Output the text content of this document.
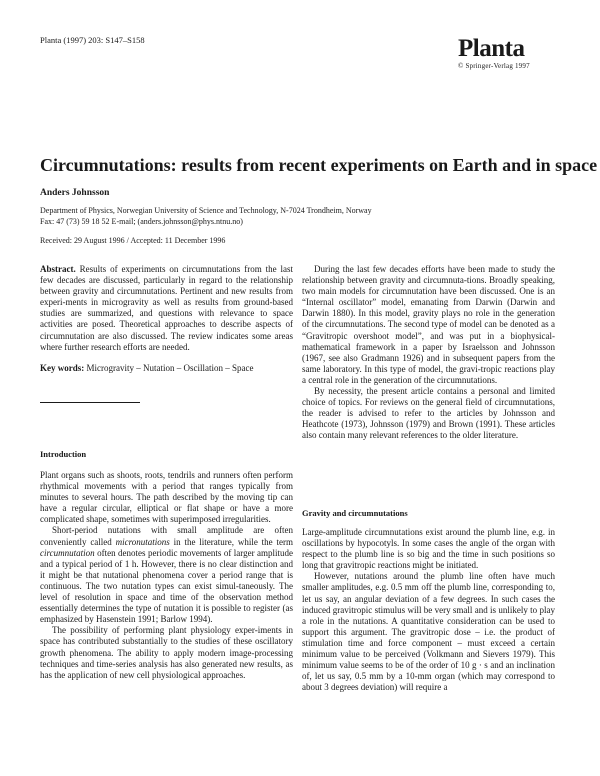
Planta (1997) 203: S147–S158	Planta
© Springer-Verlag 1997
Circumnutations: results from recent experiments on Earth and in space
Anders Johnsson
Department of Physics, Norwegian University of Science and Technology, N-7024 Trondheim, Norway
Fax: 47 (73) 59 18 52 E-mail; (anders.johnsson@phys.ntnu.no)
Received: 29 August 1996 / Accepted: 11 December 1996

Abstract. Results of experiments on circumnutations from the last few decades are discussed, particularly in regard to the relationship between gravity and circumnutations. Pertinent and new results from experi-ments in microgravity as well as results from ground-based studies are summarized, and questions with relevance to space activities are posed. Theoretical approaches to describe aspects of circumnutation are also discussed. The review indicates some areas where further research efforts are needed.

Key words: Microgravity – Nutation – Oscillation – Space

Introduction

Plant organs such as shoots, roots, tendrils and runners often perform rhythmical movements with a period that ranges typically from minutes to several hours. The path described by the moving tip can have a regular circular, elliptical or flat shape or have a more complicated shape, sometimes with superimposed irregularities.

Short-period nutations with small amplitude are often conveniently called micronutations in the literature, while the term circumnutation often denotes periodic movements of larger amplitude and a typical period of 1 h. However, there is no clear distinction and it might be that nutational phenomena cover a period range that is continuous. The two nutation types can exist simul-taneously. The level of resolution in space and time of the observation method essentially determines the type of nutation it is possible to register (as emphasized by Hasenstein 1991; Barlow 1994).

The possibility of performing plant physiology exper-iments in space has contributed substantially to the studies of these oscillatory growth phenomena. The ability to apply modern image-processing techniques and time-series analysis has also generated new results, as has the application of new cell physiological approaches.

During the last few decades efforts have been made to study the relationship between gravity and circumnuta-tions. Broadly speaking, two main models for circumnutation have been discussed. One is an “Internal oscillator” model, emanating from Darwin (Darwin and Darwin 1880). In this model, gravity plays no role in the generation of the circumnutations. The second type of model can be denoted as a “Gravitropic overshoot model”, and was put in a biophysical-mathematical framework in a paper by Israelsson and Johnsson (1967, see also Gradmann 1926) and in subsequent papers from the same laboratory. In this type of model, the gravi-tropic reactions play a central role in the generation of the circumnutations.

By necessity, the present article contains a personal and limited choice of topics. For reviews on the general field of circumnutations, the reader is advised to refer to the articles by Johnsson and Heathcote (1973), Johnsson (1979) and Brown (1991). These articles also contain many relevant references to the older literature.

Gravity and circumnutations

Large-amplitude circumnutations exist around the plumb line, e.g. in oscillations by hypocotyls. In some cases the angle of the organ with respect to the plumb line is so big and the time in such positions so long that gravitropic reactions might be initiated.

However, nutations around the plumb line often have much smaller amplitudes, e.g. 0.5 mm off the plumb line, corresponding to, let us say, an angular deviation of a few degrees. In such cases the induced gravitropic stimulus will be very small and is unlikely to play a role in the nutations. A quantitative consideration can be used to support this argument. The gravitropic dose – i.e. the product of stimulation time and force component – must exceed a certain minimum value to be perceived (Volkmann and Sievers 1979). This minimum value seems to be of the order of 10 g · s and an inclination of, let us say, 0.5 mm by a 10-mm organ (which may correspond to about 3 degrees deviation) will require a
